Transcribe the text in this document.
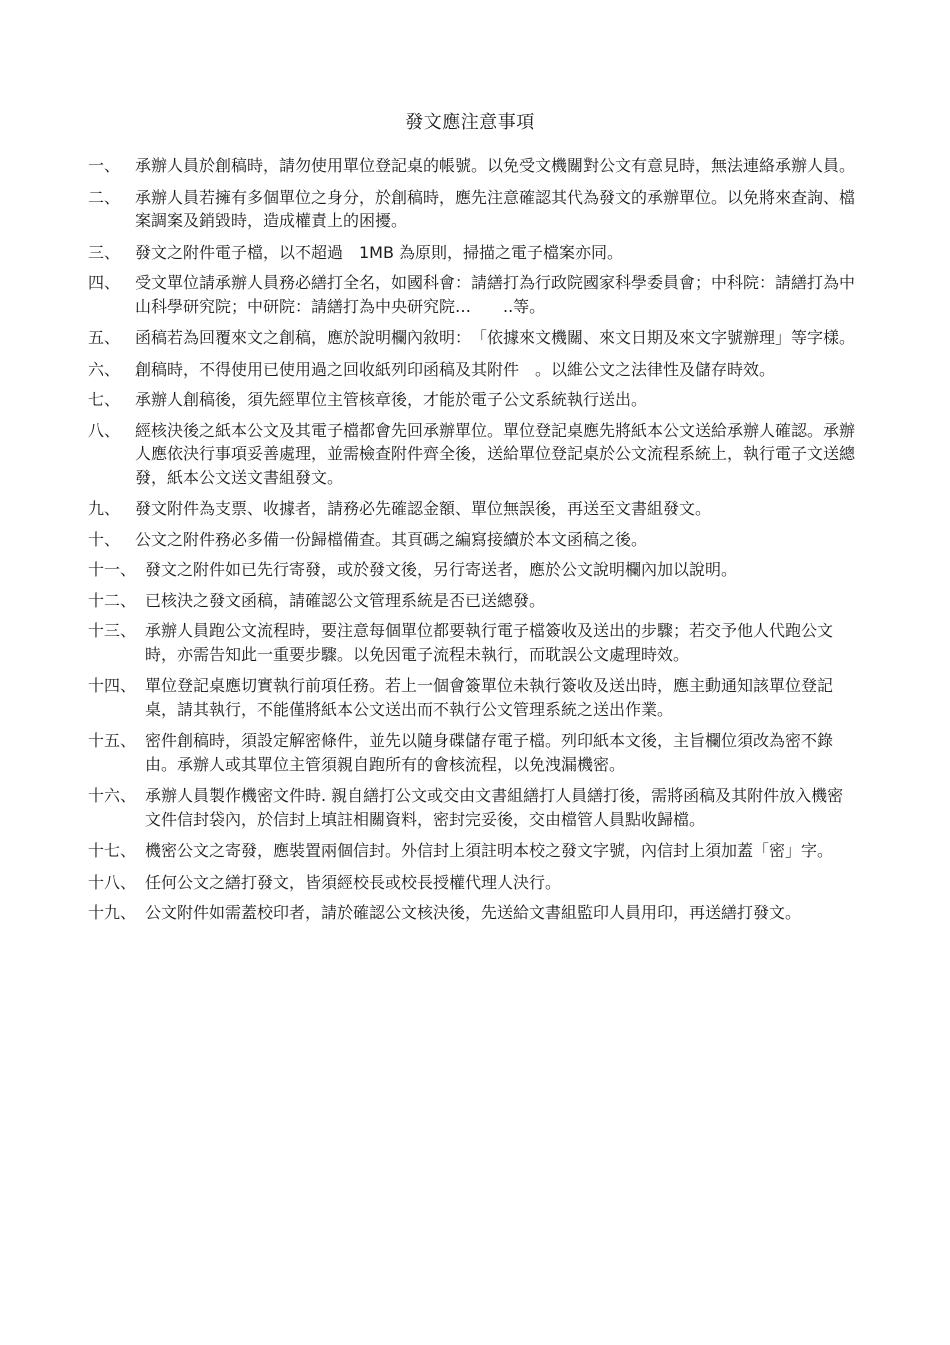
發文應注意事項
一、 承辦人員於創稿時，請勿使用單位登記桌的帳號。以免受文機關對公文有意見時，無法連絡承辦人員。
二、 承辦人員若擁有多個單位之身分，於創稿時，應先注意確認其代為發文的承辦單位。以免將來查詢、檔案調案及銷毀時，造成權責上的困擾。
三、 發文之附件電子檔，以不超過　1MB 為原則，掃描之電子檔案亦同。
四、 受文單位請承辦人員務必繕打全名，如國科會：請繕打為行政院國家科學委員會；中科院：請繕打為中山科學研究院；中研院：請繕打為中央研究院…　　..等。
五、 函稿若為回覆來文之創稿，應於說明欄內敘明：　「依據來文機關、來文日期及來文字號辦理」等字樣。
六、 創稿時，不得使用已使用過之回收紙列印函稿及其附件　。以維公文之法律性及儲存時效。
七、 承辦人創稿後，須先經單位主管核章後，才能於電子公文系統執行送出。
八、 經核決後之紙本公文及其電子檔都會先回承辦單位。單位登記桌應先將紙本公文送給承辦人確認。承辦人應依決行事項妥善處理，並需檢查附件齊全後，送給單位登記桌於公文流程系統上，執行電子文送總發，紙本公文送文書組發文。
九、 發文附件為支票、收據者，請務必先確認金額、單位無誤後，再送至文書組發文。
十、 公文之附件務必多備一份歸檔備查。其頁碼之編寫接續於本文函稿之後。
十一、 發文之附件如已先行寄發，或於發文後，另行寄送者，應於公文說明欄內加以說明。
十二、 已核決之發文函稿，請確認公文管理系統是否已送總發。
十三、 承辦人員跑公文流程時，要注意每個單位都要執行電子檔簽收及送出的步驟；若交予他人代跑公文時，亦需告知此一重要步驟。以免因電子流程未執行，而耽誤公文處理時效。
十四、 單位登記桌應切實執行前項任務。若上一個會簽單位未執行簽收及送出時，應主動通知該單位登記桌，請其執行，不能僅將紙本公文送出而不執行公文管理系統之送出作業。
十五、 密件創稿時，須設定解密條件，並先以隨身碟儲存電子檔。列印紙本文後，主旨欄位須改為密不錄由。承辦人或其單位主管須親自跑所有的會核流程，以免洩漏機密。
十六、 承辦人員製作機密文件時. 親自繕打公文或交由文書組繕打人員繕打後，需將函稿及其附件放入機密文件信封袋內，於信封上填註相關資料，密封完妥後，交由檔管人員點收歸檔。
十七、 機密公文之寄發，應裝置兩個信封。外信封上須註明本校之發文字號，內信封上須加蓋「密」字。
十八、 任何公文之繕打發文，皆須經校長或校長授權代理人決行。
十九、 公文附件如需蓋校印者，請於確認公文核決後，先送給文書組監印人員用印，再送繕打發文。
